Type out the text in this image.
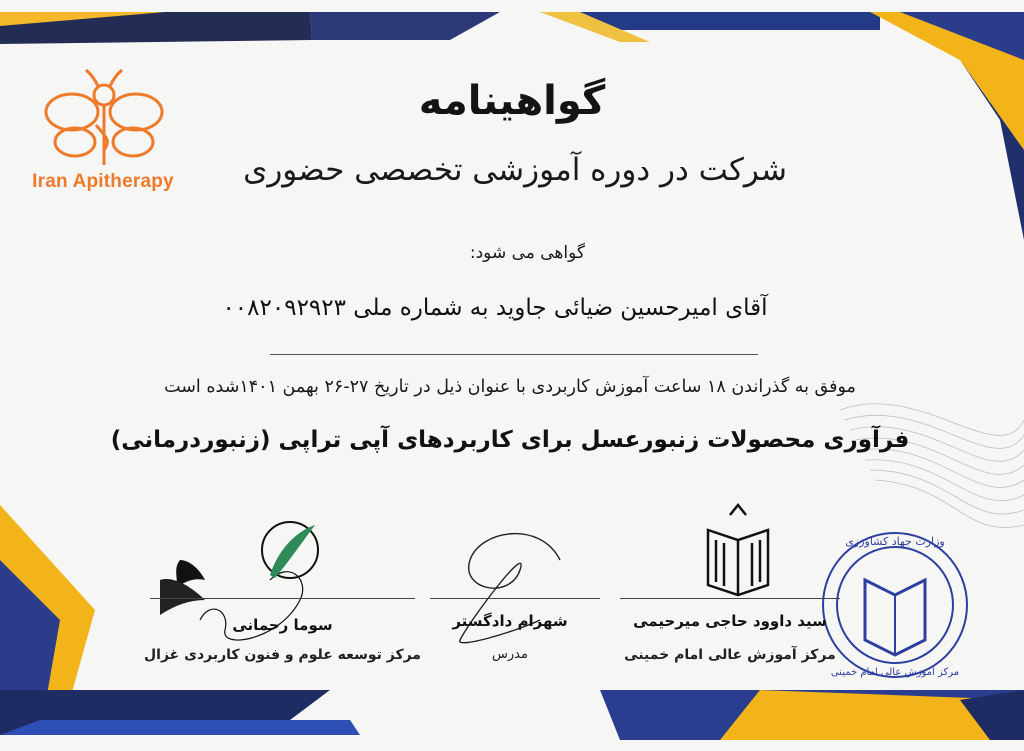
وزارت جهاد کشاورزی
مرکز آموزش عالی امام خمینی
Iran Apitherapy
گواهینامه
شرکت در دوره آموزشی تخصصی حضوری
گواهی می شود:
آقای امیرحسین ضیائی جاوید به شماره ملی ۰۰۸۲۰۹۲۹۲۳
موفق به گذراندن ۱۸ ساعت آموزش کاربردی با عنوان ذیل در تاریخ ۲۷-۲۶ بهمن ۱۴۰۱شده است
فرآوری محصولات زنبورعسل برای کاربردهای آپی تراپی (زنبوردرمانی)
سید داوود حاجی میرحیمی
مرکز آموزش عالی امام خمینی
شهرام دادگستر
مدرس
سوما رحمانی
مرکز توسعه علوم و فنون کاربردی غزال
